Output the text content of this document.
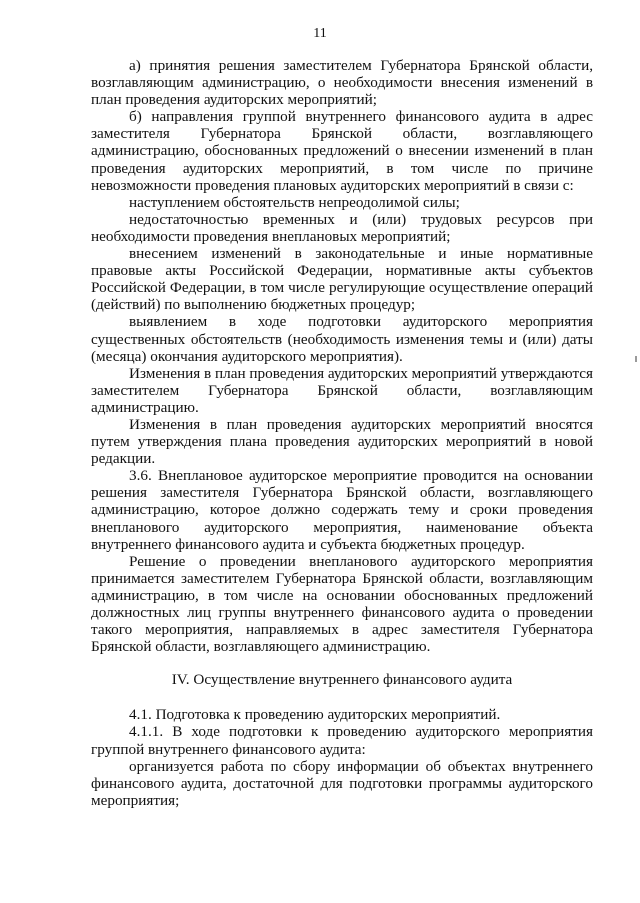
11

а) принятия решения заместителем Губернатора Брянской области, возглавляющим администрацию, о необходимости внесения изменений в план проведения аудиторских мероприятий;

б) направления группой внутреннего финансового аудита в адрес заместителя Губернатора Брянской области, возглавляющего администрацию, обоснованных предложений о внесении изменений в план проведения аудиторских мероприятий, в том числе по причине невозможности проведения плановых аудиторских мероприятий в связи с:

наступлением обстоятельств непреодолимой силы;

недостаточностью временных и (или) трудовых ресурсов при необходимости проведения внеплановых мероприятий;

внесением изменений в законодательные и иные нормативные правовые акты Российской Федерации, нормативные акты субъектов Российской Федерации, в том числе регулирующие осуществление операций (действий) по выполнению бюджетных процедур;

выявлением в ходе подготовки аудиторского мероприятия существенных обстоятельств (необходимость изменения темы и (или) даты (месяца) окончания аудиторского мероприятия).

Изменения в план проведения аудиторских мероприятий утверждаются заместителем Губернатора Брянской области, возглавляющим администрацию.

Изменения в план проведения аудиторских мероприятий вносятся путем утверждения плана проведения аудиторских мероприятий в новой редакции.

3.6. Внеплановое аудиторское мероприятие проводится на основании решения заместителя Губернатора Брянской области, возглавляющего администрацию, которое должно содержать тему и сроки проведения внепланового аудиторского мероприятия, наименование объекта внутреннего финансового аудита и субъекта бюджетных процедур.

Решение о проведении внепланового аудиторского мероприятия принимается заместителем Губернатора Брянской области, возглавляющим администрацию, в том числе на основании обоснованных предложений должностных лиц группы внутреннего финансового аудита о проведении такого мероприятия, направляемых в адрес заместителя Губернатора Брянской области, возглавляющего администрацию.

IV. Осуществление внутреннего финансового аудита

4.1. Подготовка к проведению аудиторских мероприятий.

4.1.1. В ходе подготовки к проведению аудиторского мероприятия группой внутреннего финансового аудита:

организуется работа по сбору информации об объектах внутреннего финансового аудита, достаточной для подготовки программы аудиторского мероприятия;
